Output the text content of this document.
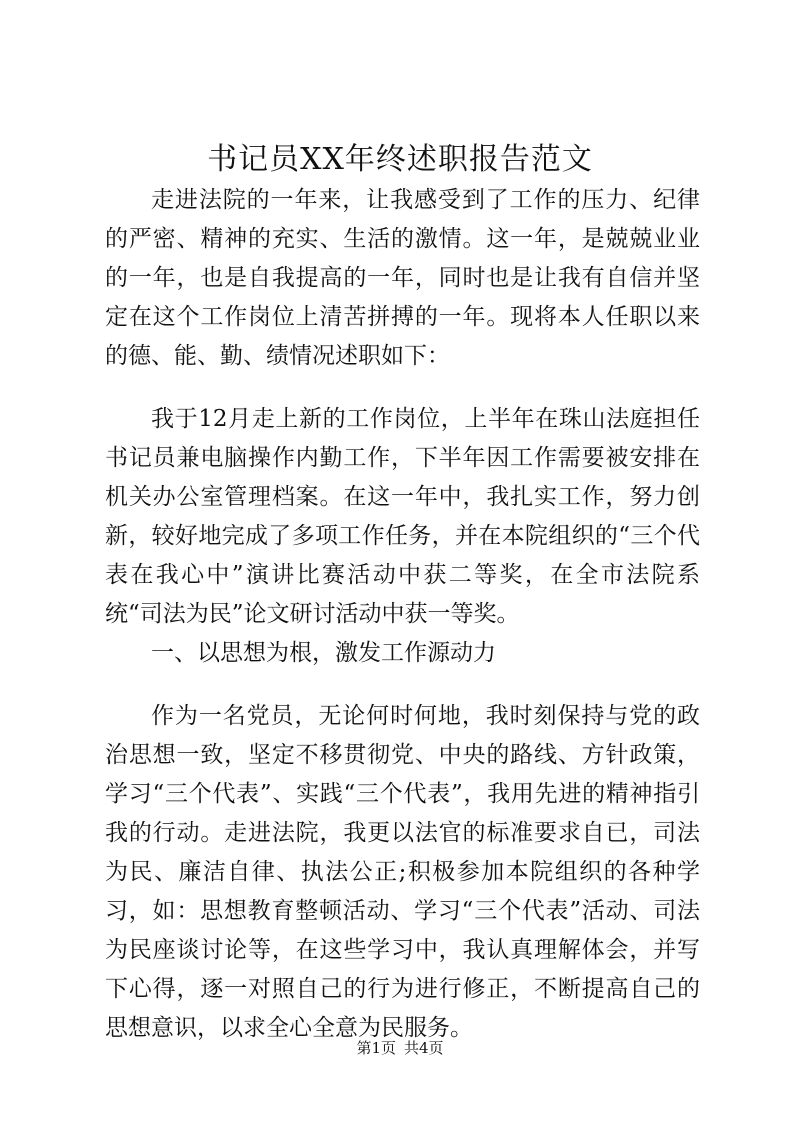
书记员XX年终述职报告范文

走进法院的一年来，让我感受到了工作的压力、纪律的严密、精神的充实、生活的激情。这一年，是兢兢业业的一年，也是自我提高的一年，同时也是让我有自信并坚定在这个工作岗位上清苦拼搏的一年。现将本人任职以来的德、能、勤、绩情况述职如下：

我于12月走上新的工作岗位，上半年在珠山法庭担任书记员兼电脑操作内勤工作，下半年因工作需要被安排在机关办公室管理档案。在这一年中，我扎实工作，努力创新，较好地完成了多项工作任务，并在本院组织的“三个代表在我心中”演讲比赛活动中获二等奖，在全市法院系统“司法为民”论文研讨活动中获一等奖。

一、以思想为根，激发工作源动力

作为一名党员，无论何时何地，我时刻保持与党的政治思想一致，坚定不移贯彻党、中央的路线、方针政策，学习“三个代表”、实践“三个代表”，我用先进的精神指引我的行动。走进法院，我更以法官的标准要求自已，司法为民、廉洁自律、执法公正;积极参加本院组织的各种学习，如：思想教育整顿活动、学习“三个代表”活动、司法为民座谈讨论等，在这些学习中，我认真理解体会，并写下心得，逐一对照自己的行为进行修正，不断提高自己的思想意识，以求全心全意为民服务。

第1页 共4页
